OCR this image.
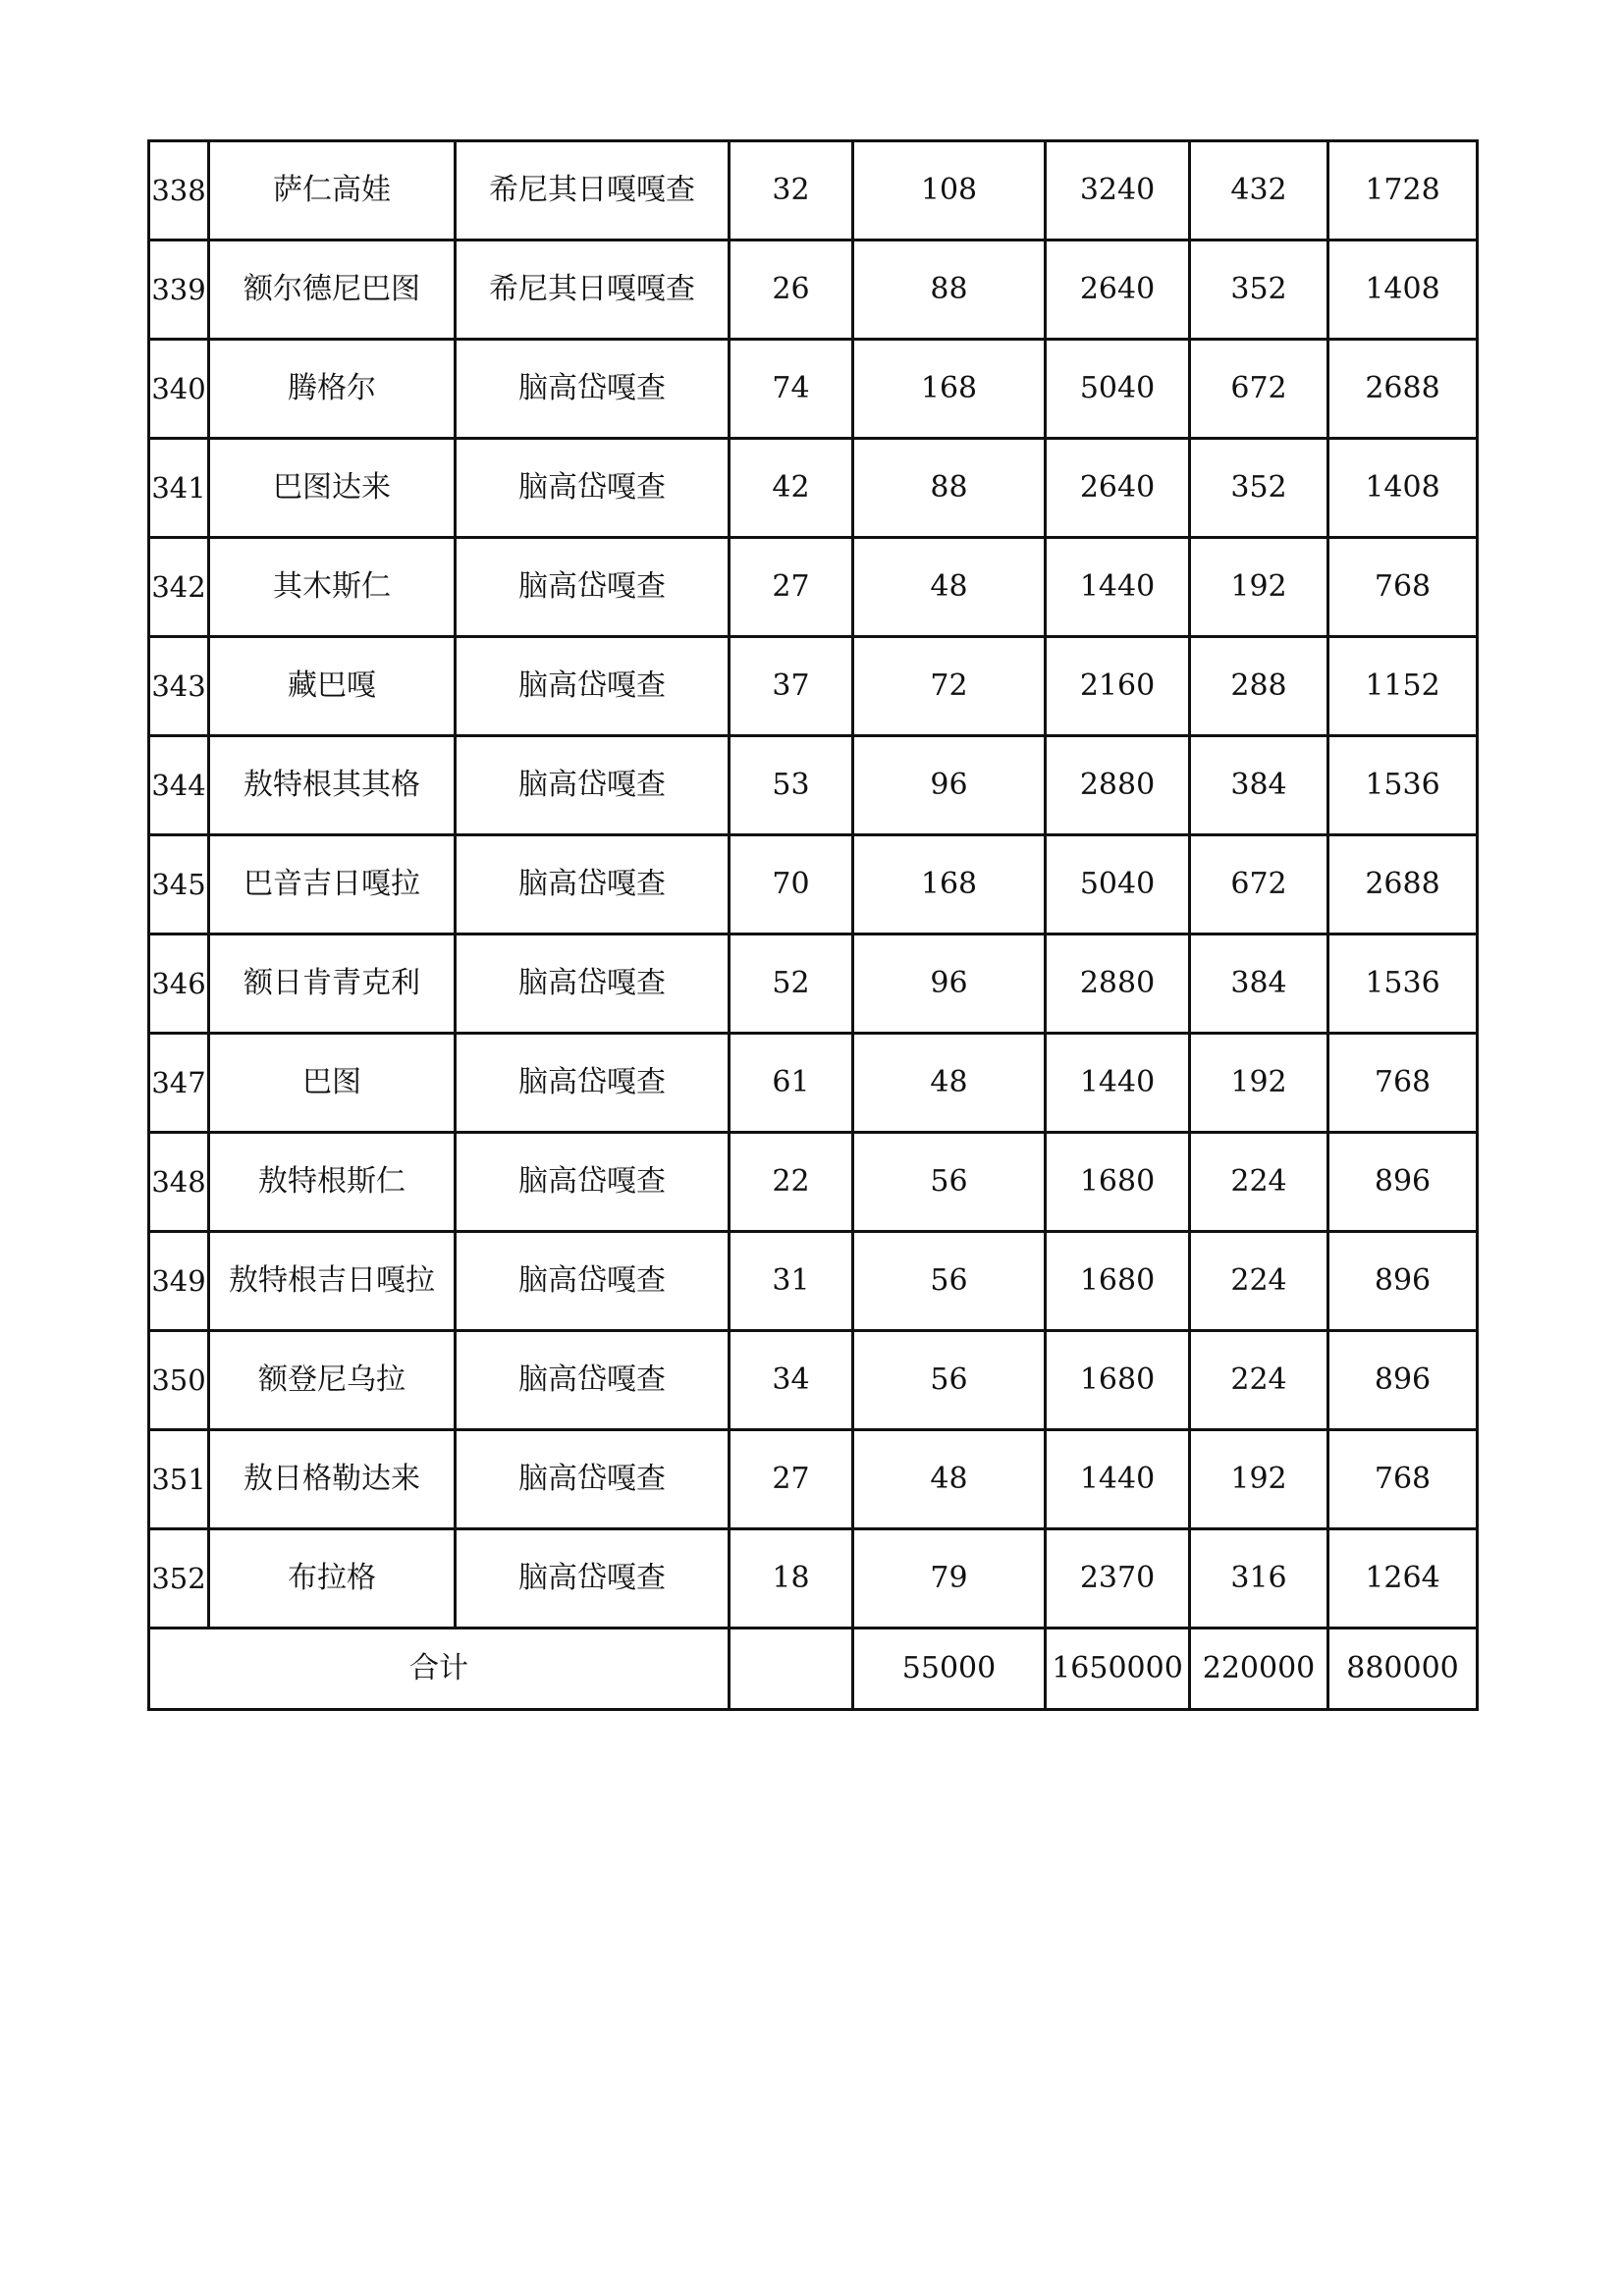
338	萨仁高娃	希尼其日嘎嘎查	32	108	3240	432	1728
339	额尔德尼巴图	希尼其日嘎嘎查	26	88	2640	352	1408
340	腾格尔	脑高岱嘎查	74	168	5040	672	2688
341	巴图达来	脑高岱嘎查	42	88	2640	352	1408
342	其木斯仁	脑高岱嘎查	27	48	1440	192	768
343	藏巴嘎	脑高岱嘎查	37	72	2160	288	1152
344	敖特根其其格	脑高岱嘎查	53	96	2880	384	1536
345	巴音吉日嘎拉	脑高岱嘎查	70	168	5040	672	2688
346	额日肯青克利	脑高岱嘎查	52	96	2880	384	1536
347	巴图	脑高岱嘎查	61	48	1440	192	768
348	敖特根斯仁	脑高岱嘎查	22	56	1680	224	896
349	敖特根吉日嘎拉	脑高岱嘎查	31	56	1680	224	896
350	额登尼乌拉	脑高岱嘎查	34	56	1680	224	896
351	敖日格勒达来	脑高岱嘎查	27	48	1440	192	768
352	布拉格	脑高岱嘎查	18	79	2370	316	1264
合计				55000	1650000	220000	880000
